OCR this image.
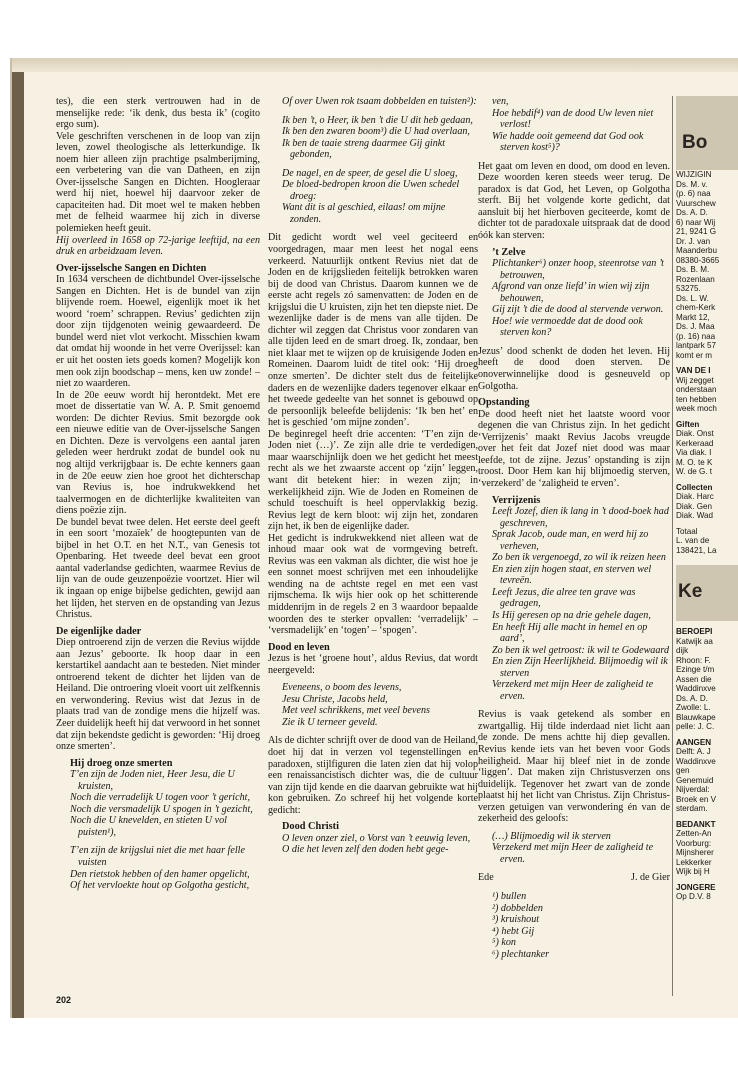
tes), die een sterk vertrouwen had in de menselijke rede: ‘ik denk, dus besta ik’ (cogito ergo sum).

Vele geschriften verschenen in de loop van zijn leven, zowel theologische als letterkundige. Ik noem hier alleen zijn prachtige psalmberijming, een verbetering van die van Datheen, en zijn Over-ijsselsche Sangen en Dichten. Hoogleraar werd hij niet, hoewel hij daarvoor zeker de capaciteiten had. Dit moet wel te maken hebben met de felheid waarmee hij zich in diverse polemieken heeft geuit.

Hij overleed in 1658 op 72-jarige leeftijd, na een druk en arbeidzaam leven.

Over-ijsselsche Sangen en Dichten

In 1634 verscheen de dichtbundel Over-ijsselsche Sangen en Dichten. Het is de bundel van zijn blijvende roem. Hoewel, eigenlijk moet ik het woord ‘roem’ schrappen. Revius’ gedichten zijn door zijn tijdgenoten weinig gewaardeerd. De bundel werd niet vlot verkocht. Misschien kwam dat omdat hij woonde in het verre Overijssel: kan er uit het oosten iets goeds komen? Mogelijk kon men ook zijn boodschap – mens, ken uw zonde! – niet zo waarderen.

In de 20e eeuw wordt hij herontdekt. Met ere moet de dissertatie van W. A. P. Smit genoemd worden: De dichter Revius. Smit bezorgde ook een nieuwe editie van de Over-ijsselsche Sangen en Dichten. Deze is vervolgens een aantal jaren geleden weer herdrukt zodat de bundel ook nu nog altijd verkrijgbaar is. De echte kenners gaan in de 20e eeuw zien hoe groot het dichterschap van Revius is, hoe indrukwekkend het taalvermogen en de dichterlijke kwaliteiten van diens poëzie zijn.

De bundel bevat twee delen. Het eerste deel geeft in een soort ‘mozaïek’ de hoogtepunten van de bijbel in het O.T. en het N.T., van Genesis tot Openbaring. Het tweede deel bevat een groot aantal vaderlandse gedichten, waarmee Revius de lijn van de oude geuzenpoëzie voortzet. Hier wil ik ingaan op enige bijbelse gedichten, gewijd aan het lijden, het sterven en de opstanding van Jezus Christus.

De eigenlijke dader

Diep ontroerend zijn de verzen die Revius wijdde aan Jezus’ geboorte. Ik hoop daar in een kerstartikel aandacht aan te besteden. Niet minder ontroerend tekent de dichter het lijden van de Heiland. Die ontroering vloeit voort uit zelfkennis en verwondering. Revius wist dat Jezus in de plaats trad van de zondige mens die hijzelf was. Zeer duidelijk heeft hij dat verwoord in het sonnet dat zijn bekendste gedicht is geworden: ‘Hij droeg onze smerten’.

Hij droeg onze smerten

T’en zijn de Joden niet, Heer Jesu, die U kruisten,

Noch die verradelijk U togen voor ’t gericht,

Noch die versmadelijk U spogen in ’t gezicht,

Noch die U knevelden, en stieten U vol puisten¹),

T’en zijn de krijgslui niet die met haar felle vuisten

Den rietstok hebben of den hamer opgelicht,

Of het vervloekte hout op Golgotha gesticht,

Of over Uwen rok tsaam dobbelden en tuisten²):

Ik ben ’t, o Heer, ik ben ’t die U dit heb gedaan,

Ik ben den zwaren boom³) die U had overlaan,

Ik ben de taaie streng daarmee Gij ginkt gebonden,

De nagel, en de speer, de gesel die U sloeg,

De bloed-bedropen kroon die Uwen schedel droeg:

Want dit is al geschied, eilaas! om mijne zonden.

Dit gedicht wordt wel veel geciteerd en voorgedragen, maar men leest het nogal eens verkeerd. Natuurlijk ontkent Revius niet dat de Joden en de krijgslieden feitelijk betrokken waren bij de dood van Christus. Daarom kunnen we de eerste acht regels zó samenvatten: de Joden en de krijgslui die U kruisten, zijn het ten diepste niet. De wezenlijke dader is de mens van alle tijden. De dichter wil zeggen dat Christus voor zondaren van alle tijden leed en de smart droeg. Ik, zondaar, ben niet klaar met te wijzen op de kruisigende Joden en Romeinen. Daarom luidt de titel ook: ‘Hij droeg onze smerten’. De dichter stelt dus de feitelijke daders en de wezenlijke daders tegenover elkaar en het tweede gedeelte van het sonnet is gebouwd op de persoonlijk beleefde belijdenis: ‘Ik ben het’ en het is geschied ‘om mijne zonden’.

De beginregel heeft drie accenten: ‘T’en zijn de Joden niet (…)’. Ze zijn alle drie te verdedigen, maar waarschijnlijk doen we het gedicht het meest recht als we het zwaarste accent op ‘zijn’ leggen, want dit betekent hier: in wezen zijn; in werkelijkheid zijn. Wie de Joden en Romeinen de schuld toeschuift is heel oppervlakkig bezig. Revius legt de kern bloot: wij zijn het, zondaren zijn het, ik ben de eigenlijke dader.

Het gedicht is indrukwekkend niet alleen wat de inhoud maar ook wat de vormgeving betreft. Revius was een vakman als dichter, die wist hoe je een sonnet moest schrijven met een inhoudelijke wending na de achtste regel en met een vast rijmschema. Ik wijs hier ook op het schitterende middenrijm in de regels 2 en 3 waardoor bepaalde woorden des te sterker opvallen: ‘verradelijk’ – ‘versmadelijk’ en ‘togen’ – ‘spogen’.

Dood en leven

Jezus is het ‘groene hout’, aldus Revius, dat wordt neergeveld:

Eveneens, o boom des levens,

Jesu Christe, Jacobs held,

Met veel schrikkens, met veel bevens

Zie ik U terneer geveld.

Als de dichter schrijft over de dood van de Heiland, doet hij dat in verzen vol tegenstellingen en paradoxen, stijlfiguren die laten zien dat hij volop een renaissancistisch dichter was, die de cultuur van zijn tijd kende en die daarvan gebruikte wat hij kon gebruiken. Zo schreef hij het volgende korte gedicht:

Dood Christi

O leven onzer ziel, o Vorst van ’t eeuwig leven,

O die het leven zelf den doden hebt gege-

ven,

Hoe hebdif⁴) van de dood Uw leven niet verlost!

Wie hadde ooit gemeend dat God ook sterven kost⁵)?

Het gaat om leven en dood, om dood en leven. Deze woorden keren steeds weer terug. De paradox is dat God, het Leven, op Golgotha sterft. Bij het volgende korte gedicht, dat aansluit bij het hierboven geciteerde, komt de dichter tot de paradoxale uitspraak dat de dood óók kan sterven:

’t Zelve

Plichtanker⁶) onzer hoop, steenrotse van ’t betrouwen,

Afgrond van onze liefd’ in wien wij zijn behouwen,

Gij zijt ’t die de dood al stervende verwon.

Hoe! wie vermoedde dat de dood ook sterven kon?

Jezus’ dood schenkt de doden het leven. Hij heeft de dood doen sterven. De onoverwinnelijke dood is gesneuveld op Golgotha.

Opstanding

De dood heeft niet het laatste woord voor degenen die van Christus zijn. In het gedicht ‘Verrijzenis’ maakt Revius Jacobs vreugde over het feit dat Jozef niet dood was maar leefde, tot de zijne. Jezus’ opstanding is zijn troost. Door Hem kan hij blijmoedig sterven, ‘verzekerd’ de ‘zaligheid te erven’.

Verrijzenis

Leeft Jozef, dien ik lang in ’t dood-boek had geschreven,

Sprak Jacob, oude man, en werd hij zo verheven,

Zo ben ik vergenoegd, zo wil ik reizen heen

En zien zijn hogen staat, en sterven wel tevreën.

Leeft Jezus, die alree ten grave was gedragen,

Is Hij geresen op na drie gehele dagen,

En heeft Hij alle macht in hemel en op aard’,

Zo ben ik wel getroost: ik wil te Godewaard

En zien Zijn Heerlijkheid. Blijmoedig wil ik sterven

Verzekerd met mijn Heer de zaligheid te erven.

Revius is vaak getekend als somber en zwartgallig. Hij tilde inderdaad niet licht aan de zonde. De mens achtte hij diep gevallen. Revius kende iets van het beven voor Gods heiligheid. Maar hij bleef niet in de zonde ‘liggen’. Dat maken zijn Christusverzen ons duidelijk. Tegenover het zwart van de zonde plaatst hij het licht van Christus. Zijn Christus-verzen getuigen van verwondering én van de zekerheid des geloofs:

(…) Blijmoedig wil ik sterven

Verzekerd met mijn Heer de zaligheid te erven.

Ede	J. de Gier

¹) bullen

²) dobbelden

³) kruishout

⁴) hebt Gij

⁵) kon

⁶) plechtanker

Bo

WIJZIGIN

Ds. M. v.

(p. 6) naa

Vuurschew

Ds. A. D.

6) naar Wij

21, 9241 G

Dr. J. van

Maanderbu

08380-3665

Ds. B. M.

Rozenlaan

53275.

Ds. L. W.

chem-Kerk

Markt 12,

Ds. J. Maa

(p. 16) naa

lantpark 57

komt er m

VAN DE I

Wij zegget

onderstaan

ten hebben

week moch

Giften

Diak. Onst

Kerkeraad

Via diak. I

M. O. te K

W. de G. t

Collecten

Diak. Harc

Diak. Gen

Diak. Wad

Totaal

L. van de

138421, La

Ke
BEROEPI

Katwijk aa

dijk

Rhoon: F.

Ezinge t/m

Assen die

Waddinxve

Ds. A. D.

Zwolle: L.

Blauwkape

pelle: J. C.

AANGEN

Delft: A. J

Waddinxve

gen

Genemuid

Nijverdal:

Broek en V

sterdam.

BEDANKT

Zetten-An

Voorburg:

Mijnsherer

Lekkerker

Wijk bij H

JONGERE

Op D.V. 8

202
